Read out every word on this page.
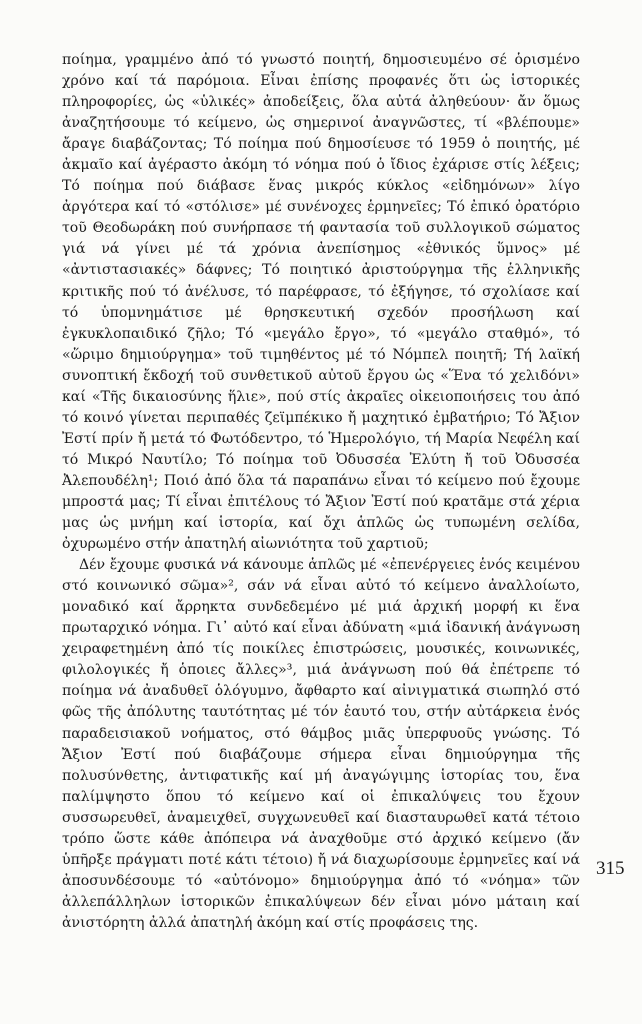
ποίημα, γραμμένο ἀπό τό γνωστό ποιητή, δημοσιευμένο σέ ὁρισμένο χρόνο καί τά παρόμοια. Εἶναι ἐπίσης προφανές ὅτι ὡς ἱστορικές πληροφορίες, ὡς «ὑλικές» ἀποδείξεις, ὅλα αὐτά ἀληθεύουν· ἄν ὅμως ἀναζητήσουμε τό κείμενο, ὡς σημερινοί ἀναγνῶστες, τί «βλέπουμε» ἄραγε διαβάζοντας; Τό ποίημα πού δημοσίευσε τό 1959 ὁ ποιητής, μέ ἀκμαῖο καί ἀγέραστο ἀκόμη τό νόημα πού ὁ ἴδιος ἐχάρισε στίς λέξεις; Τό ποίημα πού διάβασε ἕνας μικρός κύκλος «εἰδημόνων» λίγο ἀργότερα καί τό «στόλισε» μέ συνένοχες ἑρμηνεῖες; Τό ἐπικό ὀρατόριο τοῦ Θεοδωράκη πού συνήρπασε τή φαντασία τοῦ συλλογικοῦ σώματος γιά νά γίνει μέ τά χρόνια ἀνεπίσημος «ἐθνικός ὕμνος» μέ «ἀντιστασιακές» δάφνες; Τό ποιητικό ἀριστούργημα τῆς ἑλληνικῆς κριτικῆς πού τό ἀνέλυσε, τό παρέφρασε, τό ἐξήγησε, τό σχολίασε καί τό ὑπομνημάτισε μέ θρησκευτική σχεδόν προσήλωση καί ἐγκυκλοπαιδικό ζῆλο; Τό «μεγάλο ἔργο», τό «μεγάλο σταθμό», τό «ὥριμο δημιούργημα» τοῦ τιμηθέντος μέ τό Νόμπελ ποιητῆ; Τή λαϊκή συνοπτική ἔκδοχή τοῦ συνθετικοῦ αὐτοῦ ἔργου ὡς «Ἕνα τό χελιδόνι» καί «Τῆς δικαιοσύνης ἥλιε», πού στίς ἀκραῖες οἰκειοποιήσεις του ἀπό τό κοινό γίνεται περιπαθές ζεϊμπέκικο ἤ μαχητικό ἐμβατήριο; Τό Ἄξιον Ἐστί πρίν ἤ μετά τό Φωτόδεντρο, τό Ἡμερολόγιο, τή Μαρία Νεφέλη καί τό Μικρό Ναυτίλο; Τό ποίημα τοῦ Ὀδυσσέα Ἐλύτη ἤ τοῦ Ὀδυσσέα Ἀλεπουδέλη¹; Ποιό ἀπό ὅλα τά παραπάνω εἶναι τό κείμενο πού ἔχουμε μπροστά μας; Τί εἶναι ἐπιτέλους τό Ἄξιον Ἐστί πού κρατᾶμε στά χέρια μας ὡς μνήμη καί ἱστορία, καί ὄχι ἁπλῶς ὡς τυπωμένη σελίδα, ὀχυρωμένο στήν ἀπατηλή αἰωνιότητα τοῦ χαρτιοῦ;

Δέν ἔχουμε φυσικά νά κάνουμε ἁπλῶς μέ «ἐπενέργειες ἑνός κειμένου στό κοινωνικό σῶμα»², σάν νά εἶναι αὐτό τό κείμενο ἀναλλοίωτο, μοναδικό καί ἄρρηκτα συνδεδεμένο μέ μιά ἀρχική μορφή κι ἕνα πρωταρχικό νόημα. Γι᾽ αὐτό καί εἶναι ἀδύνατη «μιά ἰδανική ἀνάγνωση χειραφετημένη ἀπό τίς ποικίλες ἐπιστρώσεις, μουσικές, κοινωνικές, φιλολογικές ἤ ὁποιες ἄλλες»³, μιά ἀνάγνωση πού θά ἐπέτρεπε τό ποίημα νά ἀναδυθεῖ ὁλόγυμνο, ἄφθαρτο καί αἰνιγματικά σιωπηλό στό φῶς τῆς ἀπόλυτης ταυτότητας μέ τόν ἑαυτό του, στήν αὐτάρκεια ἑνός παραδεισιακοῦ νοήματος, στό θάμβος μιᾶς ὑπερφυοῦς γνώσης. Τό Ἄξιον Ἐστί πού διαβάζουμε σήμερα εἶναι δημιούργημα τῆς πολυσύνθετης, ἀντιφατικῆς καί μή ἀναγώγιμης ἱστορίας του, ἕνα παλίμψηστο ὅπου τό κείμενο καί οἱ ἐπικαλύψεις του ἔχουν συσσωρευθεῖ, ἀναμειχθεῖ, συγχωνευθεῖ καί διασταυρωθεῖ κατά τέτοιο τρόπο ὥστε κάθε ἀπόπειρα νά ἀναχθοῦμε στό ἀρχικό κείμενο (ἄν ὑπῆρξε πράγματι ποτέ κάτι τέτοιο) ἤ νά διαχωρίσουμε ἑρμηνεῖες καί νά ἀποσυνδέσουμε τό «αὐτόνομο» δημιούργημα ἀπό τό «νόημα» τῶν ἀλλεπάλληλων ἱστορικῶν ἐπικαλύψεων δέν εἶναι μόνο μάταιη καί ἀνιστόρητη ἀλλά ἀπατηλή ἀκόμη καί στίς προφάσεις της.

315
